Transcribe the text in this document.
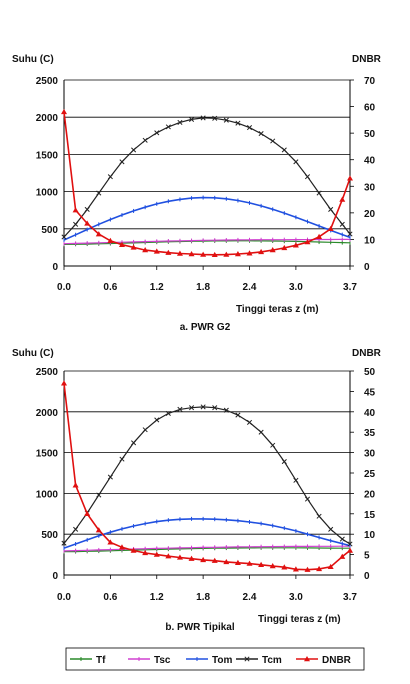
Suhu (C)	DNBR
Tinggi teras z (m)
a. PWR G2
0
500
1000
1500
2000
2500
0
10
20
30
40
50
60
70
0.0	0.6	1.2	1.8	2.4	3.0	3.7
Suhu (C)	DNBR
Tinggi teras z (m)
b. PWR Tipikal
0
500
1000
1500
2000
2500
0
5
10
15
20
25
30
35
40
45
50
0.0	0.6	1.2	1.8	2.4	3.0	3.7
Tf	Tsc	Tom	Tcm	DNBR
